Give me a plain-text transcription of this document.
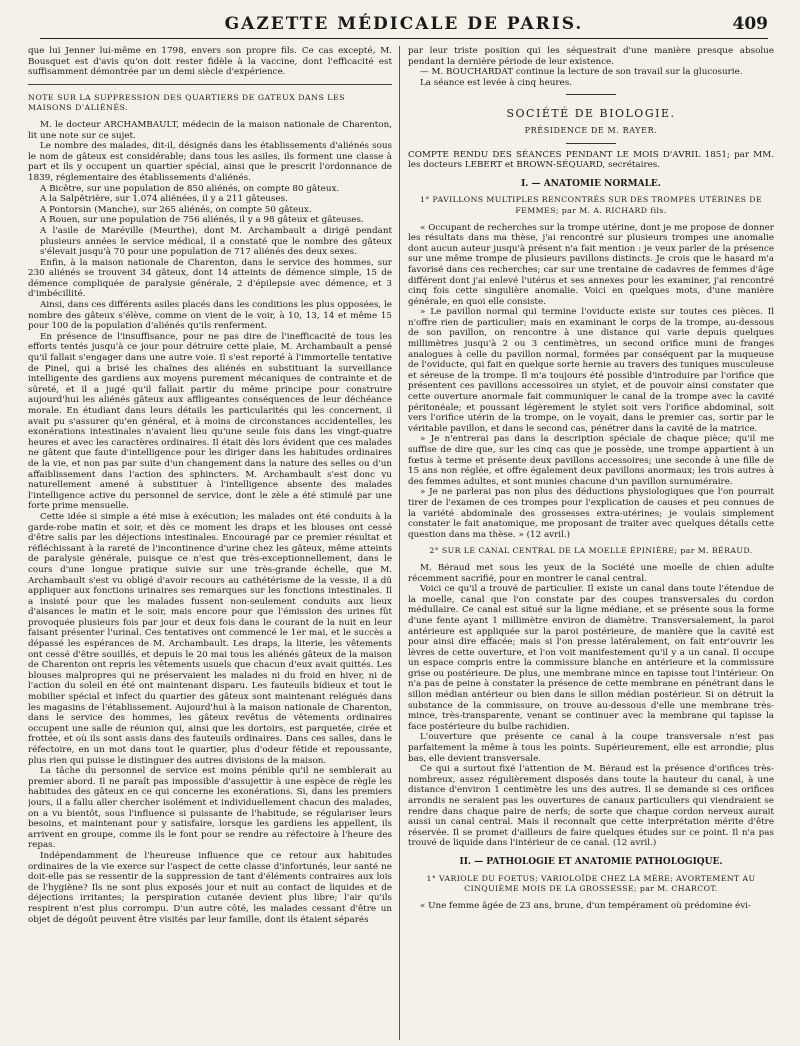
GAZETTE MÉDICALE DE PARIS.	409

que lui Jenner lui-même en 1798, envers son propre fils. Ce cas excepté, M. Bousquet est d'avis qu'on doit rester fidèle à la vaccine, dont l'efficacité est suffisamment démontrée par un demi siècle d'expérience.

NOTE SUR LA SUPPRESSION DES QUARTIERS DE GATEUX DANS LES MAISONS D'ALIÉNÉS.

M. le docteur ARCHAMBAULT, médecin de la maison nationale de Charenton, lit une note sur ce sujet.

Le nombre des malades, dit-il, désignés dans les établissements d'aliénés sous le nom de gâteux est considérable; dans tous les asiles, ils forment une classe à part et ils y occupent un quartier spécial, ainsi que le prescrit l'ordonnance de 1839, réglementaire des établissements d'aliénés.

A Bicêtre, sur une population de 850 aliénés, on compte 80 gâteux.

A la Salpêtrière, sur 1.074 aliénées, il y a 211 gâteuses.

A Pontorsin (Manche), sur 265 aliénés, on compte 50 gâteux.

A Rouen, sur une population de 756 aliénés, il y a 98 gâteux et gâteuses.

A l'asile de Maréville (Meurthe), dont M. Archambault a dirigé pendant plusieurs années le service médical, il a constaté que le nombre des gâteux s'élevait jusqu'à 70 pour une population de 717 aliénés des deux sexes.

Enfin, à la maison nationale de Charenton, dans le service des hommes, sur 230 aliénés se trouvent 34 gâteux, dont 14 atteints de démence simple, 15 de démence compliquée de paralysie générale, 2 d'épilepsie avec démence, et 3 d'imbécillité.

Ainsi, dans ces différents asiles placés dans les conditions les plus opposées, le nombre des gâteux s'élève, comme on vient de le voir, à 10, 13, 14 et même 15 pour 100 de la population d'aliénés qu'ils renferment.

En présence de l'insuffisance, pour ne pas dire de l'inefficacité de tous les efforts tentés jusqu'à ce jour pour détruire cette plaie, M. Archambault a pensé qu'il fallait s'engager dans une autre voie. Il s'est reporté à l'immortelle tentative de Pinel, qui a brisé les chaînes des aliénés en substituant la surveillance intelligente des gardiens aux moyens purement mécaniques de contrainte et de sûreté, et il a jugé qu'il fallait partir du même principe pour construire aujourd'hui les aliénés gâteux aux affligeantes conséquences de leur déchéance morale. En étudiant dans leurs détails les particularités qui les concernent, il avait pu s'assurer qu'en général, et à moins de circonstances accidentelles, les exonérations intestinales n'avaient lieu qu'une seule fois dans les vingt-quatre heures et avec les caractères ordinaires. Il était dès lors évident que ces malades ne gâtent que faute d'intelligence pour les diriger dans les habitudes ordinaires de la vie, et non pas par suite d'un changement dans la nature des selles ou d'un affaiblissement dans l'action des sphincters. M. Archambault s'est donc vu naturellement amené à substituer à l'intelligence absente des malades l'intelligence active du personnel de service, dont le zèle a été stimulé par une forte prime mensuelle.

Cette idée si simple a été mise à exécution; les malades ont été conduits à la garde-robe matin et soir, et dès ce moment les draps et les blouses ont cessé d'être salis par les déjections intestinales. Encouragé par ce premier résultat et réfléchissant à la rareté de l'incontinence d'urine chez les gâteux, même atteints de paralysie générale, puisque ce n'est que très-exceptionnellement, dans le cours d'une longue pratique suivie sur une très-grande échelle, que M. Archambault s'est vu obligé d'avoir recours au cathétérisme de la vessie, il a dû appliquer aux fonctions urinaires ses remarques sur les fonctions intestinales. Il a insisté pour que les malades fussent non-seulement conduits aux lieux d'aisances le matin et le soir, mais encore pour que l'émission des urines fût provoquée plusieurs fois par jour et deux fois dans le courant de la nuit en leur faisant présenter l'urinal. Ces tentatives ont commencé le 1er mai, et le succès a dépassé les espérances de M. Archambault. Les draps, la literie, les vêtements ont cessé d'être souillés, et depuis le 20 mai tous les aliénés gâteux de la maison de Charenton ont repris les vêtements usuels que chacun d'eux avait quittés. Les blouses malpropres qui ne préservaient les malades ni du froid en hiver, ni de l'action du soleil en été ont maintenant disparu. Les fauteuils bidieux et tout le mobilier spécial et infect du quartier des gâteux sont maintenant relégués dans les magasins de l'établissement. Aujourd'hui à la maison nationale de Charenton, dans le service des hommes, les gâteux revêtus de vêtements ordinaires occupent une salle de réunion qui, ainsi que les dortoirs, est parquetée, cirée et frottée, et où ils sont assis dans des fauteuils ordinaires. Dans ces salles, dans le réfectoire, en un mot dans tout le quartier, plus d'odeur fétide et repoussante, plus rien qui puisse le distinguer des autres divisions de la maison.

La tâche du personnel de service est moins pénible qu'il ne semblerait au premier abord. Il ne paraît pas impossible d'assujettir à une espèce de règle les habitudes des gâteux en ce qui concerne les exonérations. Si, dans les premiers jours, il a fallu aller chercher isolément et individuellement chacun des malades, on a vu bientôt, sous l'influence si puissante de l'habitude, se régulariser leurs besoins, et maintenant pour y satisfaire, lorsque les gardiens les appellent, ils arrivent en groupe, comme ils le font pour se rendre au réfectoire à l'heure des repas.

Indépendamment de l'heureuse influence que ce retour aux habitudes ordinaires de la vie exerce sur l'aspect de cette classe d'infortunés, leur santé ne doit-elle pas se ressentir de la suppression de tant d'éléments contraires aux lois de l'hygiène? Ils ne sont plus exposés jour et nuit au contact de liquides et de déjections irritantes; la perspiration cutanée devient plus libre; l'air qu'ils respirent n'est plus corrompu. D'un autre côté, les malades cessant d'être un objet de dégoût peuvent être visités par leur famille, dont ils étaient séparés

par leur triste position qui les séquestrait d'une manière presque absolue pendant la dernière période de leur existence.

— M. BOUCHARDAT continue la lecture de son travail sur la glucosurie.

La séance est levée à cinq heures.

SOCIÉTÉ DE BIOLOGIE.
PRÉSIDENCE DE M. RAYER.

COMPTE RENDU DES SÉANCES PENDANT LE MOIS D'AVRIL 1851; par MM. les docteurs LEBERT et BROWN-SÉQUARD, secrétaires.

I. — ANATOMIE NORMALE.
1° PAVILLONS MULTIPLES RENCONTRÉS SUR DES TROMPES UTÉRINES DE FEMMES; par M. A. RICHARD fils.

« Occupant de recherches sur la trompe utérine, dont je me propose de donner les résultats dans ma thèse, j'ai rencontré sur plusieurs trompes une anomalie dont aucun auteur jusqu'à présent n'a fait mention : je veux parler de la présence sur une même trompe de plusieurs pavillons distincts. Je crois que le hasard m'a favorisé dans ces recherches; car sur une trentaine de cadavres de femmes d'âge différent dont j'ai enlevé l'utérus et ses annexes pour les examiner, j'ai rencontré cinq fois cette singulière anomalie. Voici en quelques mots, d'une manière générale, en quoi elle consiste.

» Le pavillon normal qui termine l'oviducte existe sur toutes ces pièces. Il n'offre rien de particulier; mais en examinant le corps de la trompe, au-dessous de son pavillon, on rencontre à une distance qui varie depuis quelques millimètres jusqu'à 2 ou 3 centimètres, un second orifice muni de franges analogues à celle du pavillon normal, formées par conséquent par la muqueuse de l'oviducte, qui fait en quelque sorte hernie au travers des tuniques musculeuse et séreuse de la trompe. Il m'a toujours été possible d'introduire par l'orifice que présentent ces pavillons accessoires un stylet, et de pouvoir ainsi constater que cette ouverture anormale fait communiquer le canal de la trompe avec la cavité péritonéale; et poussant légèrement le stylet soit vers l'orifice abdominal, soit vers l'orifice utérin de la trompe, on le voyait, dans le premier cas, sortir par le véritable pavillon, et dans le second cas, pénétrer dans la cavité de la matrice.

» Je n'entrerai pas dans la description spéciale de chaque pièce; qu'il me suffise de dire que, sur les cinq cas que je possède, une trompe appartient à un fœtus à terme et présente deux pavillons accessoires; une seconde à une fille de 15 ans non réglée, et offre également deux pavillons anormaux; les trois autres à des femmes adultes, et sont munies chacune d'un pavillon surnuméraire.

» Je ne parlerai pas non plus des déductions physiologiques que l'on pourrait tirer de l'examen de ces trompes pour l'explication de causes et peu connues de la variété abdominale des grossesses extra-utérines; je voulais simplement constater le fait anatomique, me proposant de traiter avec quelques détails cette question dans ma thèse. » (12 avril.)

2° SUR LE CANAL CENTRAL DE LA MOELLE ÉPINIÈRE; par M. BÉRAUD.

M. Béraud met sous les yeux de la Société une moelle de chien adulte récemment sacrifié, pour en montrer le canal central.

Voici ce qu'il a trouvé de particulier. Il existe un canal dans toute l'étendue de la moelle, canal que l'on constate par des coupes transversales du cordon médullaire. Ce canal est situé sur la ligne médiane, et se présente sous la forme d'une fente ayant 1 millimètre environ de diamètre. Transversalement, la paroi antérieure est appliquée sur la paroi postérieure, de manière que la cavité est pour ainsi dire effacée; mais si l'on presse latéralement, on fait entr'ouvrir les lèvres de cette ouverture, et l'on voit manifestement qu'il y a un canal. Il occupe un espace compris entre la commissure blanche en antérieure et la commissure grise ou postérieure. De plus, une membrane mince en tapisse tout l'intérieur. On n'a pas de peine à constater la présence de cette membrane en pénétrant dans le sillon médian antérieur ou bien dans le sillon médian postérieur. Si on détruit la substance de la commissure, on trouve au-dessous d'elle une membrane très-mince, très-transparente, venant se continuer avec la membrane qui tapisse la face postérieure du bulbe rachidien.

L'ouverture que présente ce canal à la coupe transversale n'est pas parfaitement la même à tous les points. Supérieurement, elle est arrondie; plus bas, elle devient transversale.

Ce qui a surtout fixé l'attention de M. Béraud est la présence d'orifices très-nombreux, assez régulièrement disposés dans toute la hauteur du canal, à une distance d'environ 1 centimètre les uns des autres. Il se demande si ces orifices arrondis ne seraient pas les ouvertures de canaux particuliers qui viendraient se rendre dans chaque paire de nerfs; de sorte que chaque cordon nerveux aurait aussi un canal central. Mais il reconnaît que cette interprétation mérite d'être réservée. Il se promet d'ailleurs de faire quelques études sur ce point. Il n'a pas trouvé de liquide dans l'intérieur de ce canal. (12 avril.)

II. — PATHOLOGIE ET ANATOMIE PATHOLOGIQUE.
1° VARIOLE DU FOETUS; VARIOLOÏDE CHEZ LA MÈRE; AVORTEMENT AU CINQUIÈME MOIS DE LA GROSSESSE; par M. CHARCOT.

« Une femme âgée de 23 ans, brune, d'un tempérament où prédomine évi-
